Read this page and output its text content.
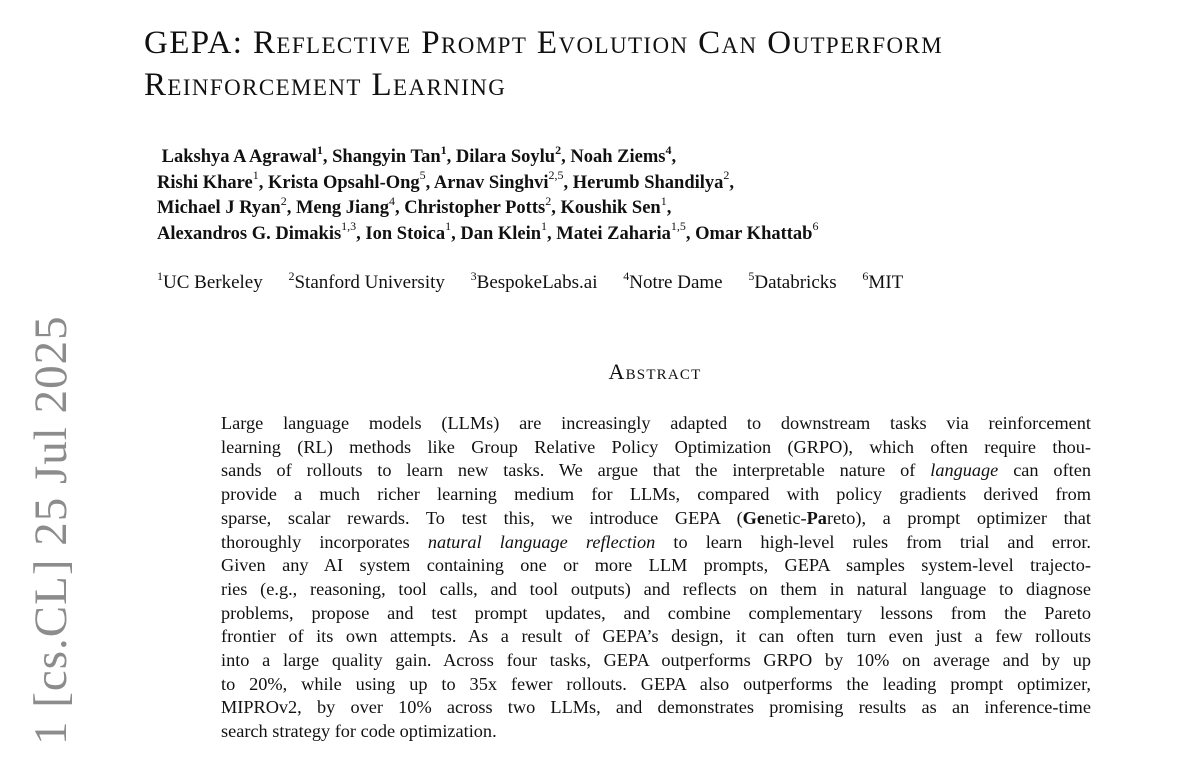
1 [cs.CL] 25 Jul 2025
GEPA: Reflective Prompt Evolution Can Outperform
Reinforcement Learning
Lakshya A Agrawal$^1$, Shangyin Tan$^1$, Dilara Soylu$^2$, Noah Ziems$^4$,
Rishi Khare$^1$, Krista Opsahl-Ong$^5$, Arnav Singhvi$^{2,5}$, Herumb Shandilya$^2$,
Michael J Ryan$^2$, Meng Jiang$^4$, Christopher Potts$^2$, Koushik Sen$^1$,
Alexandros G. Dimakis$^{1,3}$, Ion Stoica$^1$, Dan Klein$^1$, Matei Zaharia$^{1,5}$, Omar Khattab$^6$
$^1$UC Berkeley $^2$Stanford University $^3$BespokeLabs.ai $^4$Notre Dame $^5$Databricks $^6$MIT
Abstract
Large language models (LLMs) are increasingly adapted to downstream tasks via reinforcement
learning (RL) methods like Group Relative Policy Optimization (GRPO), which often require thou-
sands of rollouts to learn new tasks. We argue that the interpretable nature of language can often
provide a much richer learning medium for LLMs, compared with policy gradients derived from
sparse, scalar rewards. To test this, we introduce GEPA (Genetic-Pareto), a prompt optimizer that
thoroughly incorporates natural language reflection to learn high-level rules from trial and error.
Given any AI system containing one or more LLM prompts, GEPA samples system-level trajecto-
ries (e.g., reasoning, tool calls, and tool outputs) and reflects on them in natural language to diagnose
problems, propose and test prompt updates, and combine complementary lessons from the Pareto
frontier of its own attempts. As a result of GEPA’s design, it can often turn even just a few rollouts
into a large quality gain. Across four tasks, GEPA outperforms GRPO by 10% on average and by up
to 20%, while using up to 35x fewer rollouts. GEPA also outperforms the leading prompt optimizer,
MIPROv2, by over 10% across two LLMs, and demonstrates promising results as an inference-time
search strategy for code optimization.
